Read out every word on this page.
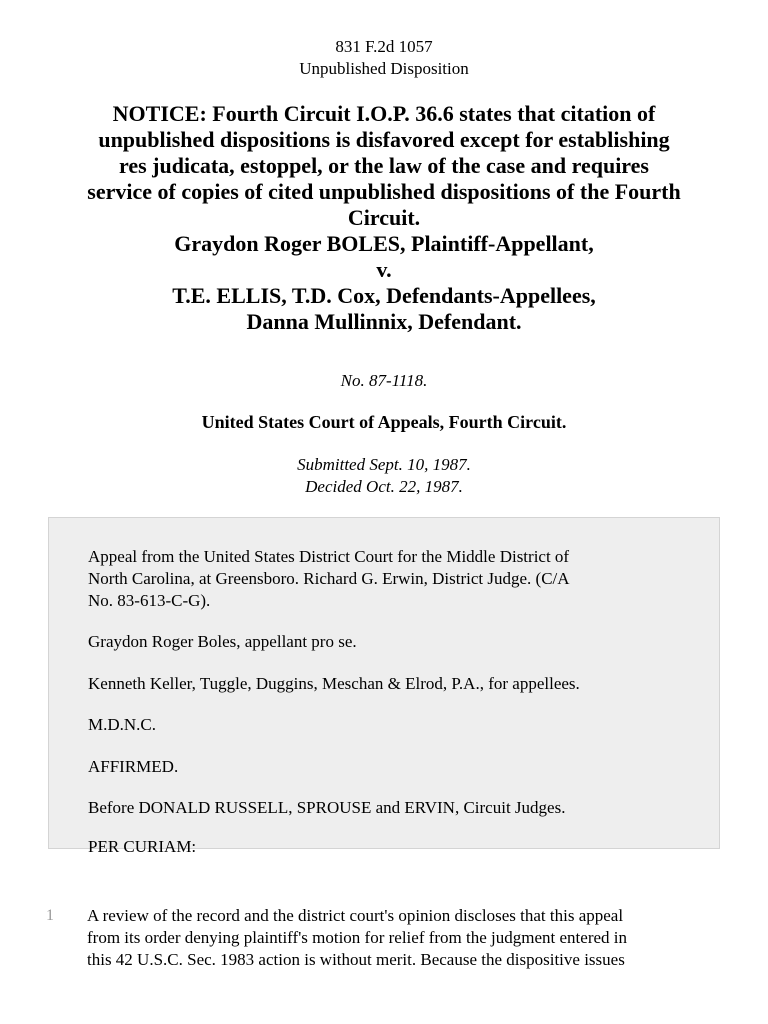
831 F.2d 1057
Unpublished Disposition
NOTICE: Fourth Circuit I.O.P. 36.6 states that citation of
unpublished dispositions is disfavored except for establishing
res judicata, estoppel, or the law of the case and requires
service of copies of cited unpublished dispositions of the Fourth
Circuit.
Graydon Roger BOLES, Plaintiff-Appellant,
v.
T.E. ELLIS, T.D. Cox, Defendants-Appellees,
Danna Mullinnix, Defendant.
No. 87-1118.
United States Court of Appeals, Fourth Circuit.
Submitted Sept. 10, 1987.
Decided Oct. 22, 1987.
Appeal from the United States District Court for the Middle District of
North Carolina, at Greensboro. Richard G. Erwin, District Judge. (C/A
No. 83-613-C-G).
Graydon Roger Boles, appellant pro se.
Kenneth Keller, Tuggle, Duggins, Meschan & Elrod, P.A., for appellees.
M.D.N.C.
AFFIRMED.
Before DONALD RUSSELL, SPROUSE and ERVIN, Circuit Judges.
PER CURIAM:
1 A review of the record and the district court's opinion discloses that this appeal
from its order denying plaintiff's motion for relief from the judgment entered in
this 42 U.S.C. Sec. 1983 action is without merit. Because the dispositive issues
